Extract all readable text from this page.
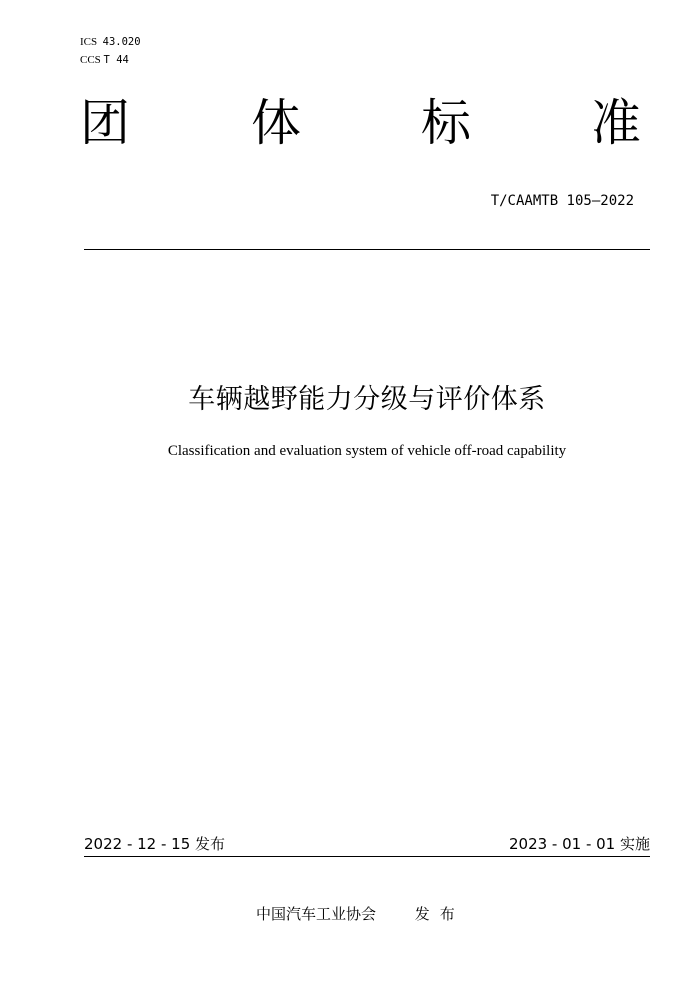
ICS 43.020
CCS T 44
团 体 标 准
T/CAAMTB 105—2022
车辆越野能力分级与评价体系
Classification and evaluation system of vehicle off-road capability
2022 - 12 - 15 发布	2023 - 01 - 01 实施
中国汽车工业协会	发布
